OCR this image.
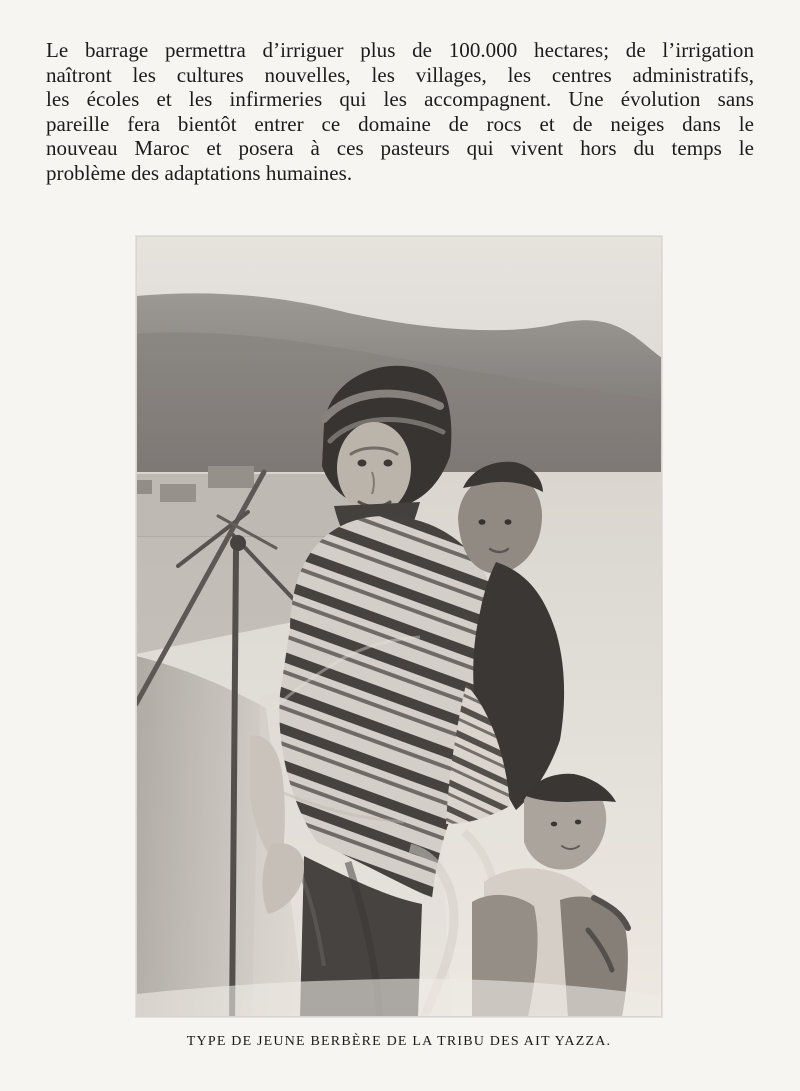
Le barrage permettra d’irriguer plus de 100.000 hectares; de l’irrigation
naîtront les cultures nouvelles, les villages, les centres administratifs,
les écoles et les infirmeries qui les accompagnent. Une évolution sans
pareille fera bientôt entrer ce domaine de rocs et de neiges dans le
nouveau Maroc et posera à ces pasteurs qui vivent hors du temps le
problème des adaptations humaines.
TYPE DE JEUNE BERBÈRE DE LA TRIBU DES AIT YAZZA.
